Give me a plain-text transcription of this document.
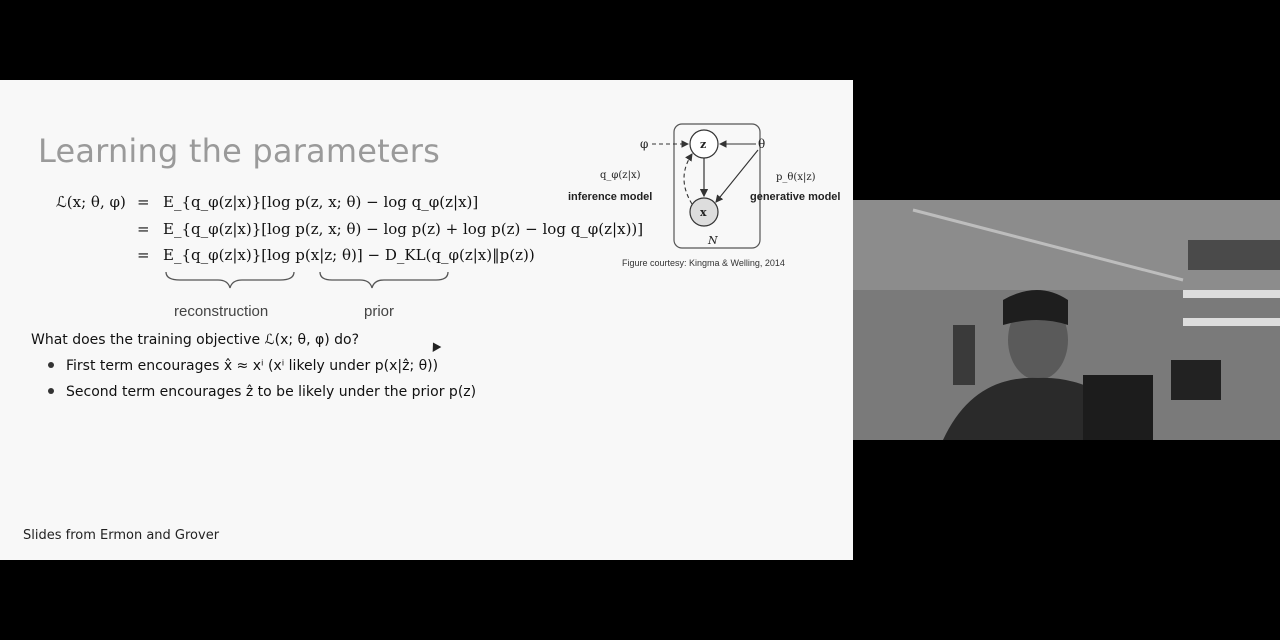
Learning the parameters
ℒ(x; θ, φ) =
=
=
E_{q_φ(z|x)}[log p(z, x; θ) − log q_φ(z|x)]
E_{q_φ(z|x)}[log p(z, x; θ) − log p(z) + log p(z) − log q_φ(z|x))]
E_{q_φ(z|x)}[log p(x|z; θ)] − D_KL(q_φ(z|x)‖p(z))
reconstruction	prior
What does the training objective ℒ(x; θ, φ) do?
First term encourages x̂ ≈ xⁱ (xⁱ likely under p(x|ẑ; θ))
Second term encourages ẑ to be likely under the prior p(z)
Slides from Ermon and Grover
φ	θ
z
x
N
q_φ(z|x)	p_θ(x|z)
inference model	generative model
Figure courtesy: Kingma & Welling, 2014
